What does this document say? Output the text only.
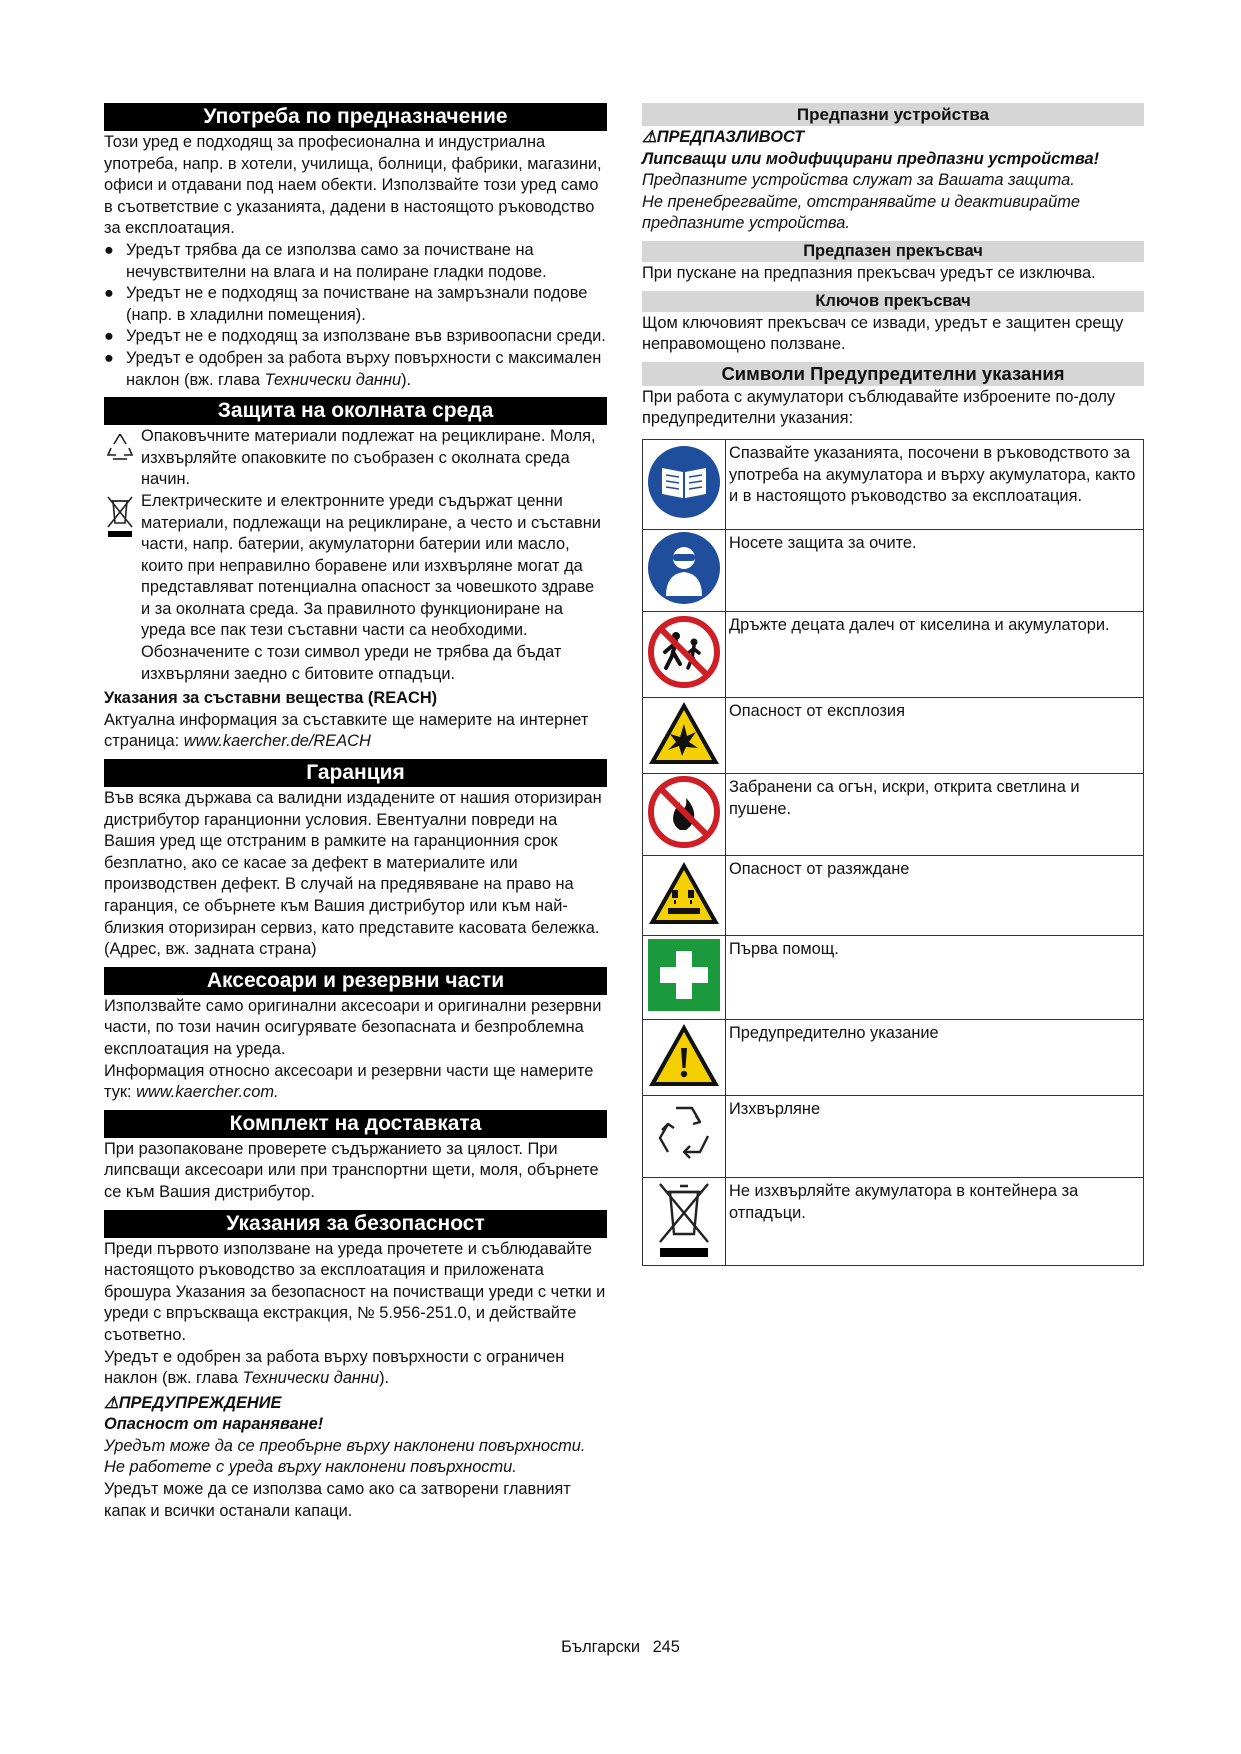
Употреба по предназначение

Този уред е подходящ за професионална и индустриална употреба, напр. в хотели, училища, болници, фабрики, магазини, офиси и отдавани под наем обекти. Използвайте този уред само в съответствие с указанията, дадени в настоящото ръководство за експлоатация.

● Уредът трябва да се използва само за почистване на нечувствителни на влага и на полиране гладки подове.
● Уредът не е подходящ за почистване на замръзнали подове (напр. в хладилни помещения).
● Уредът не е подходящ за използване във взривоопасни среди.
● Уредът е одобрен за работа върху повърхности с максимален наклон (вж. глава Технически данни).
Защита на околната среда

Опаковъчните материали подлежат на рециклиране. Моля, изхвърляйте опаковките по съобразен с околната среда начин.

Електрическите и електронните уреди съдържат ценни материали, подлежащи на рециклиране, а често и съставни части, напр. батерии, акумулаторни батерии или масло, които при неправилно боравене или изхвърляне могат да представляват потенциална опасност за човешкото здраве и за околната среда. За правилното функциониране на уреда все пак тези съставни части са необходими. Обозначените с този символ уреди не трябва да бъдат изхвърляни заедно с битовите отпадъци.

Указания за съставни вещества (REACH)

Актуална информация за съставките ще намерите на интернет страница: www.kaercher.de/REACH

Гаранция

Във всяка държава са валидни издадените от нашия оторизиран дистрибутор гаранционни условия. Евентуални повреди на Вашия уред ще отстраним в рамките на гаранционния срок безплатно, ако се касае за дефект в материалите или производствен дефект. В случай на предявяване на право на гаранция, се обърнете към Вашия дистрибутор или към най-близкия оторизиран сервиз, като представите касовата бележка.

(Адрес, вж. задната страна)

Аксесоари и резервни части

Използвайте само оригинални аксесоари и оригинални резервни части, по този начин осигурявате безопасната и безпроблемна експлоатация на уреда.

Информация относно аксесоари и резервни части ще намерите тук: www.kaercher.com.

Комплект на доставката

При разопаковане проверете съдържанието за цялост. При липсващи аксесоари или при транспортни щети, моля, обърнете се към Вашия дистрибутор.

Указания за безопасност

Преди първото използване на уреда прочетете и съблюдавайте настоящото ръководство за експлоатация и приложената брошура Указания за безопасност на почистващи уреди с четки и уреди с впръскваща екстракция, № 5.956-251.0, и действайте съответно.

Уредът е одобрен за работа върху повърхности с ограничен наклон (вж. глава Технически данни).

⚠ПРЕДУПРЕЖДЕНИЕ

Опасност от нараняване!

Уредът може да се преобърне върху наклонени повърхности.

Не работете с уреда върху наклонени повърхности.

Уредът може да се използва само ако са затворени главният капак и всички останали капаци.

Предпазни устройства

⚠ПРЕДПАЗЛИВОСТ

Липсващи или модифицирани предпазни устройства!

Предпазните устройства служат за Вашата защита.

Не пренебрегвайте, отстранявайте и деактивирайте предпазните устройства.

Предпазен прекъсвач

При пускане на предпазния прекъсвач уредът се изключва.

Ключов прекъсвач

Щом ключовият прекъсвач се извади, уредът е защитен срещу неправомощено ползване.

Символи Предупредителни указания

При работа с акумулатори съблюдавайте изброените по-долу предупредителни указания:

	Спазвайте указанията, посочени в ръководството за употреба на акумулатора и върху акумулатора, както и в настоящото ръководство за експлоатация.
	Носете защита за очите.
	Дръжте децата далеч от киселина и акумулатори.
	Опасност от експлозия
	Забранени са огън, искри, открита светлина и пушене.
	Опасност от разяждане
	Първа помощ.
	Предупредително указание
	Изхвърляне
	Не изхвърляйте акумулатора в контейнера за отпадъци.
Български 245
